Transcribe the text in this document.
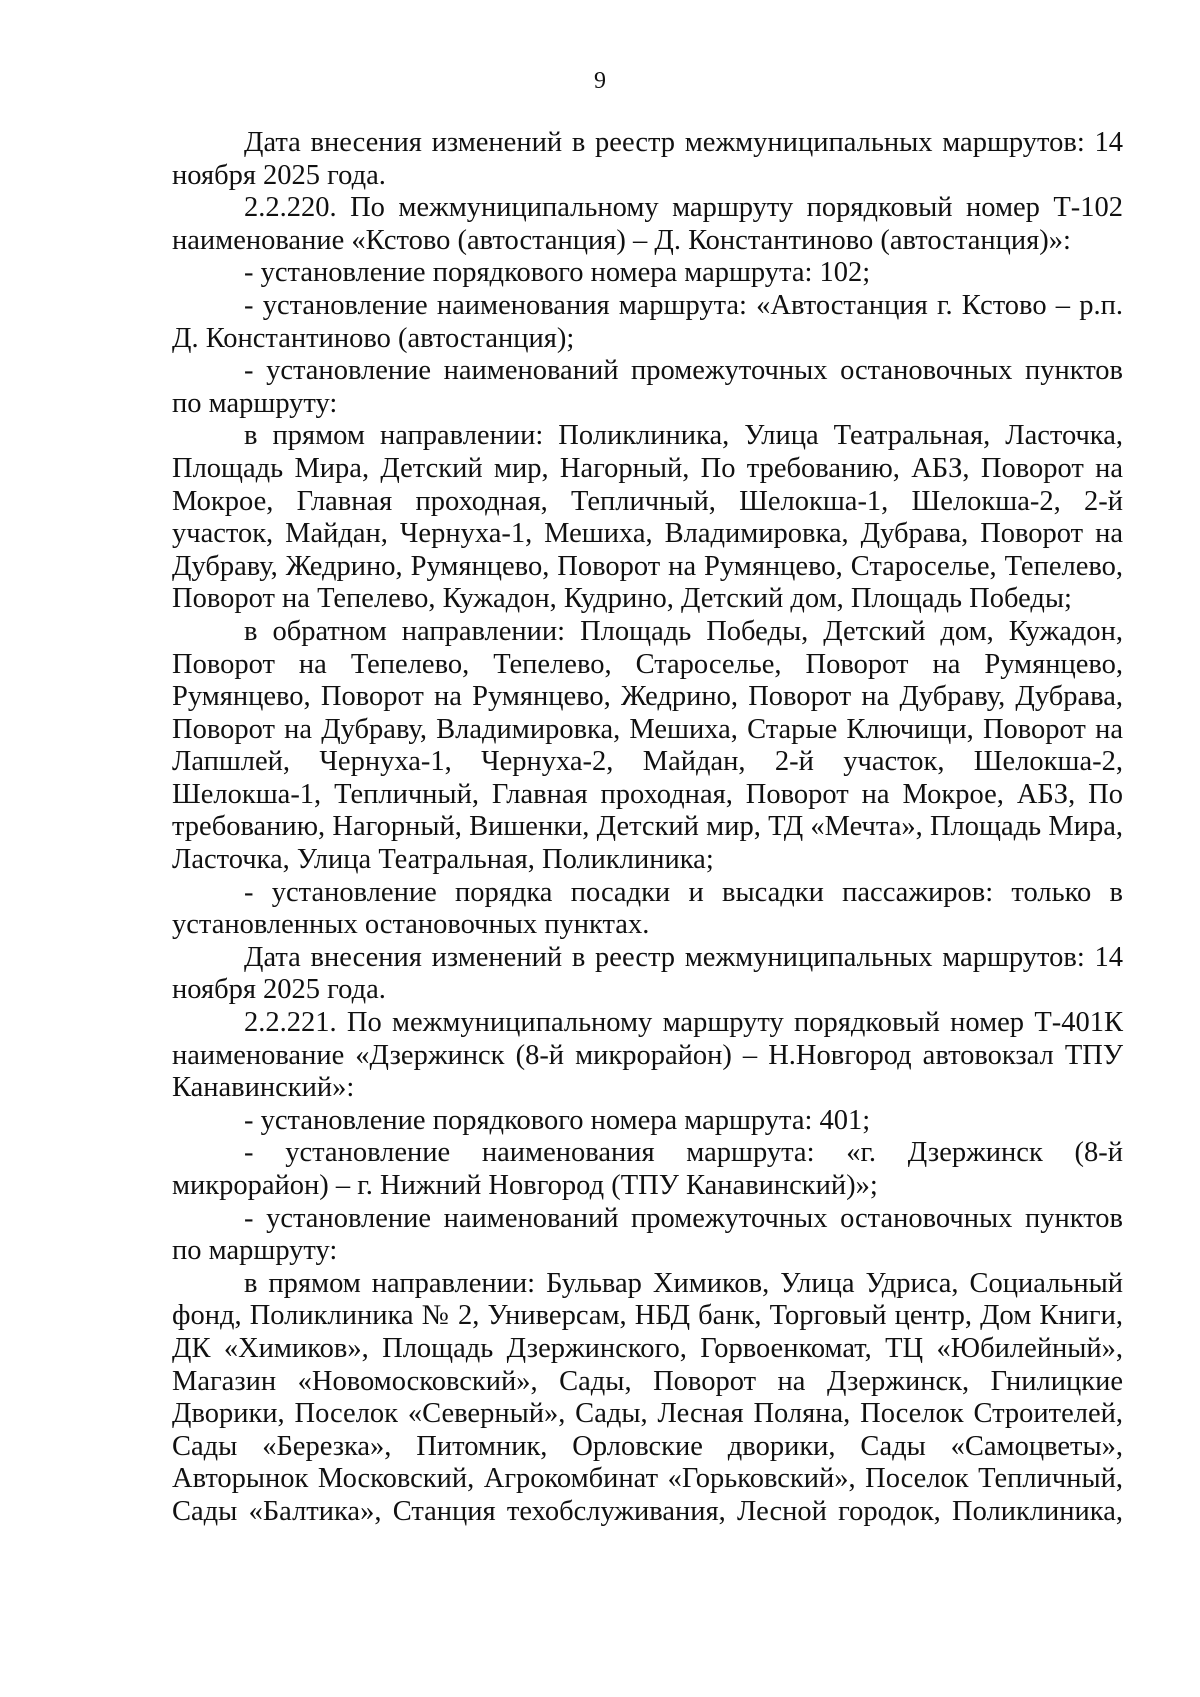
9

Дата внесения изменений в реестр межмуниципальных маршрутов: 14 ноября 2025 года.

2.2.220. По межмуниципальному маршруту порядковый номер Т-102 наименование «Кстово (автостанция) – Д. Константиново (автостанция)»:

- установление порядкового номера маршрута: 102;

- установление наименования маршрута: «Автостанция г. Кстово – р.п. Д. Константиново (автостанция);

- установление наименований промежуточных остановочных пунктов по маршруту:

в прямом направлении: Поликлиника, Улица Театральная, Ласточка, Площадь Мира, Детский мир, Нагорный, По требованию, АБЗ, Поворот на Мокрое, Главная проходная, Тепличный, Шелокша-1, Шелокша-2, 2-й участок, Майдан, Чернуха-1, Мешиха, Владимировка, Дубрава, Поворот на Дубраву, Жедрино, Румянцево, Поворот на Румянцево, Староселье, Тепелево, Поворот на Тепелево, Кужадон, Кудрино, Детский дом, Площадь Победы;

в обратном направлении: Площадь Победы, Детский дом, Кужадон, Поворот на Тепелево, Тепелево, Староселье, Поворот на Румянцево, Румянцево, Поворот на Румянцево, Жедрино, Поворот на Дубраву, Дубрава, Поворот на Дубраву, Владимировка, Мешиха, Старые Ключищи, Поворот на Лапшлей, Чернуха-1, Чернуха-2, Майдан, 2-й участок, Шелокша-2, Шелокша-1, Тепличный, Главная проходная, Поворот на Мокрое, АБЗ, По требованию, Нагорный, Вишенки, Детский мир, ТД «Мечта», Площадь Мира, Ласточка, Улица Театральная, Поликлиника;

- установление порядка посадки и высадки пассажиров: только в установленных остановочных пунктах.

Дата внесения изменений в реестр межмуниципальных маршрутов: 14 ноября 2025 года.

2.2.221. По межмуниципальному маршруту порядковый номер Т-401К наименование «Дзержинск (8-й микрорайон) – Н.Новгород автовокзал ТПУ Канавинский»:

- установление порядкового номера маршрута: 401;

- установление наименования маршрута: «г. Дзержинск (8-й микрорайон) – г. Нижний Новгород (ТПУ Канавинский)»;

- установление наименований промежуточных остановочных пунктов по маршруту:

в прямом направлении: Бульвар Химиков, Улица Удриса, Социальный фонд, Поликлиника № 2, Универсам, НБД банк, Торговый центр, Дом Книги, ДК «Химиков», Площадь Дзержинского, Горвоенкомат, ТЦ «Юбилейный», Магазин «Новомосковский», Сады, Поворот на Дзержинск, Гнилицкие Дворики, Поселок «Северный», Сады, Лесная Поляна, Поселок Строителей, Сады «Березка», Питомник, Орловские дворики, Сады «Самоцветы», Авторынок Московский, Агрокомбинат «Горьковский», Поселок Тепличный, Сады «Балтика», Станция техобслуживания, Лесной городок, Поликлиника,
